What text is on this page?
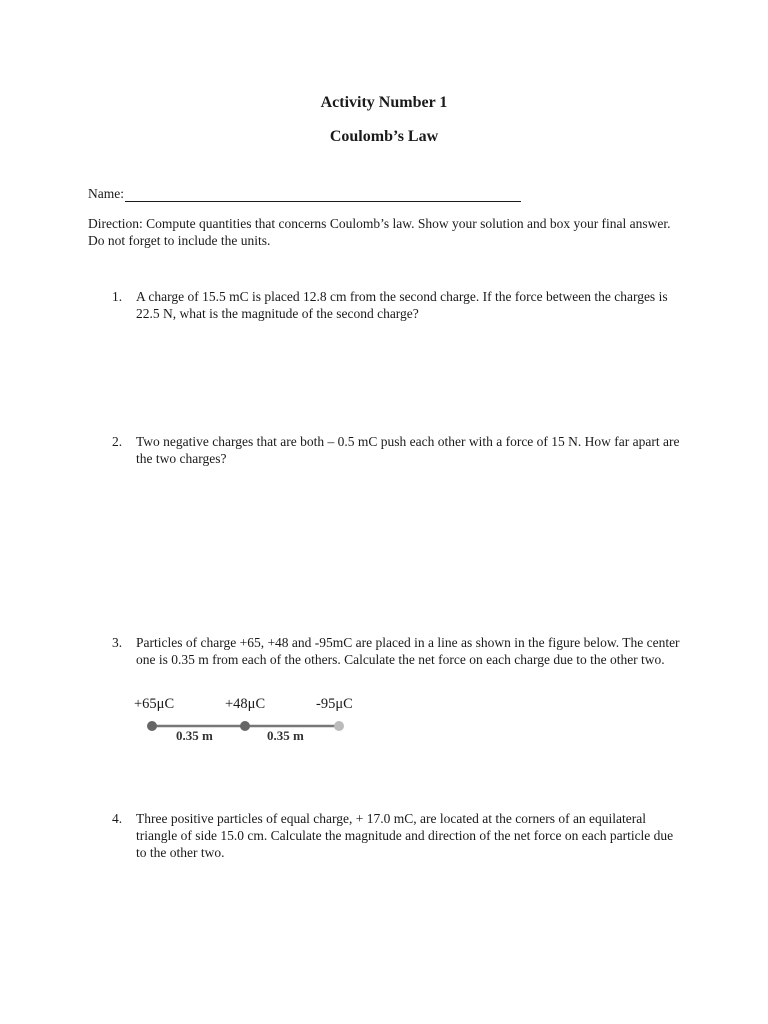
Activity Number 1
Coulomb’s Law
Name:
Direction: Compute quantities that concerns Coulomb’s law. Show your solution and box your final answer. Do not forget to include the units.
1.	A charge of 15.5 mC is placed 12.8 cm from the second charge. If the force between the charges is 22.5 N, what is the magnitude of the second charge?
2.	Two negative charges that are both – 0.5 mC push each other with a force of 15 N. How far apart are the two charges?
3.	Particles of charge +65, +48 and -95mC are placed in a line as shown in the figure below. The center one is 0.35 m from each of the others. Calculate the net force on each charge due to the other two.
+65μC	+48μC	-95μC
0.35 m	0.35 m
4.	Three positive particles of equal charge, + 17.0 mC, are located at the corners of an equilateral triangle of side 15.0 cm. Calculate the magnitude and direction of the net force on each particle due to the other two.
